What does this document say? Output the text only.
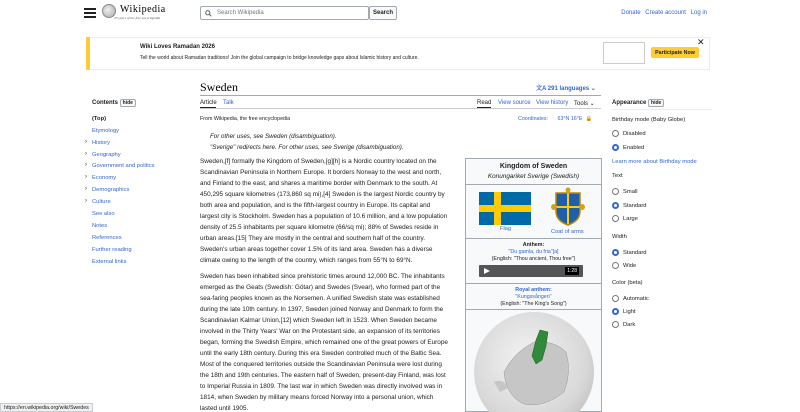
Wikipedia
25 years of the free encyclopedia
Search Wikipedia	Search	Donate Create account Log in
Wiki Loves Ramadan 2026
Tell the world about Ramadan traditions! Join the global campaign to bridge knowledge gaps about Islamic history and culture.
Participate Now
✕
Sweden	文A 291 languages ⌄
Contents hide
(Top)
Etymology
› History
› Geography
› Government and politics
› Economy
› Demographics
› Culture
See also
Notes
References
Further reading
External links
Article Talk	Read View source View history Tools ⌄
From Wikipedia, the free encyclopedia	Coordinates: 63°N 16°E 🔒
For other uses, see Sweden (disambiguation).
"Sverige" redirects here. For other uses, see Sverige (disambiguation).
Sweden,[f] formally the Kingdom of Sweden,[g][h] is a Nordic country located on the
Scandinavian Peninsula in Northern Europe. It borders Norway to the west and north,
and Finland to the east, and shares a maritime border with Denmark to the south. At
450,295 square kilometres (173,860 sq mi),[4] Sweden is the largest Nordic country by
both area and population, and is the fifth-largest country in Europe. Its capital and
largest city is Stockholm. Sweden has a population of 10.6 million, and a low population
density of 25.5 inhabitants per square kilometre (66/sq mi); 88% of Swedes reside in
urban areas.[15] They are mostly in the central and southern half of the country.
Sweden's urban areas together cover 1.5% of its land area. Sweden has a diverse
climate owing to the length of the country, which ranges from 55°N to 69°N.
Sweden has been inhabited since prehistoric times around 12,000 BC. The inhabitants
emerged as the Geats (Swedish: Götar) and Swedes (Svear), who formed part of the
sea-faring peoples known as the Norsemen. A unified Swedish state was established
during the late 10th century. In 1397, Sweden joined Norway and Denmark to form the
Scandinavian Kalmar Union,[12] which Sweden left in 1523. When Sweden became
involved in the Thirty Years' War on the Protestant side, an expansion of its territories
began, forming the Swedish Empire, which remained one of the great powers of Europe
until the early 18th century. During this era Sweden controlled much of the Baltic Sea.
Most of the conquered territories outside the Scandinavian Peninsula were lost during
the 18th and 19th centuries. The eastern half of Sweden, present-day Finland, was lost
to Imperial Russia in 1809. The last war in which Sweden was directly involved was in
1814, when Sweden by military means forced Norway into a personal union, which
lasted until 1905.
Kingdom of Sweden
Konungariket Sverige (Swedish)
Flag	Coat of arms
Anthem:
"Du gamla, du fria"[a]
(English: "Thou ancient, Thou free")
1:28
Royal anthem:
"Kungssången"
(English: "The King's Song")
Appearance hide
Birthday mode (Baby Globe)
Disabled
Enabled
Learn more about Birthday mode
Text
Small
Standard
Large
Width
Standard
Wide
Color (beta)
Automatic
Light
Dark
https://en.wikipedia.org/wiki/Swedes
